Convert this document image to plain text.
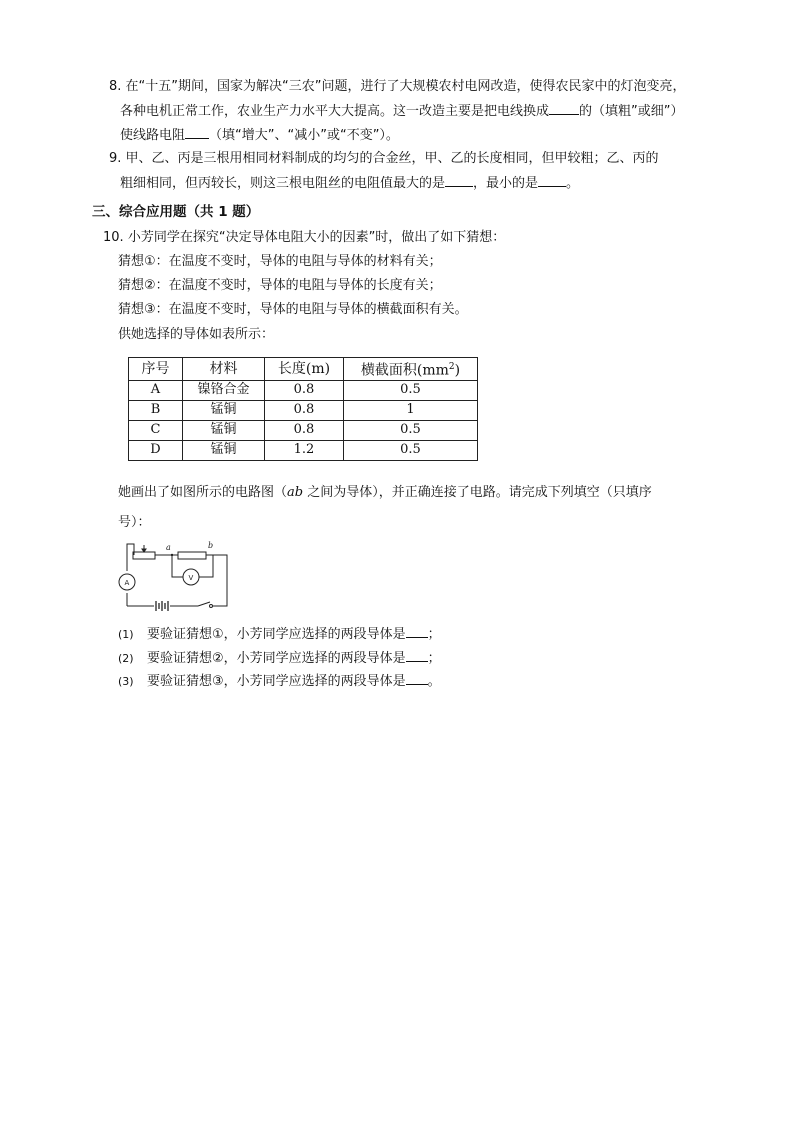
8. 在“十五”期间，国家为解决“三农”问题，进行了大规模农村电网改造，使得农民家中的灯泡变亮，
各种电机正常工作，农业生产力水平大大提高。这一改造主要是把电线换成 的（填粗”或细”）
使线路电阻 （填“增大”、“减小”或“不变”）。
9. 甲、乙、丙是三根用相同材料制成的均匀的合金丝，甲、乙的长度相同，但甲较粗；乙、丙的
粗细相同，但丙较长，则这三根电阻丝的电阻值最大的是 ，最小的是 。
三、综合应用题（共 1 题）
10. 小芳同学在探究“决定导体电阻大小的因素”时，做出了如下猜想：
猜想①：在温度不变时，导体的电阻与导体的材料有关；
猜想②：在温度不变时，导体的电阻与导体的长度有关；
猜想③：在温度不变时，导体的电阻与导体的横截面积有关。
供她选择的导体如表所示：
序号	材料	长度(m)	横截面积$(mm^2)$
A	镍铬合金	0.8	0.5
B	锰铜	0.8	1
C	锰铜	0.8	0.5
D	锰铜	1.2	0.5
她画出了如图所示的电路图（ab 之间为导体），并正确连接了电路。请完成下列填空（只填序
号）：
a	b
A
V
(1) 要验证猜想①，小芳同学应选择的两段导体是 ；
(2) 要验证猜想②，小芳同学应选择的两段导体是 ；
(3) 要验证猜想③，小芳同学应选择的两段导体是 。
